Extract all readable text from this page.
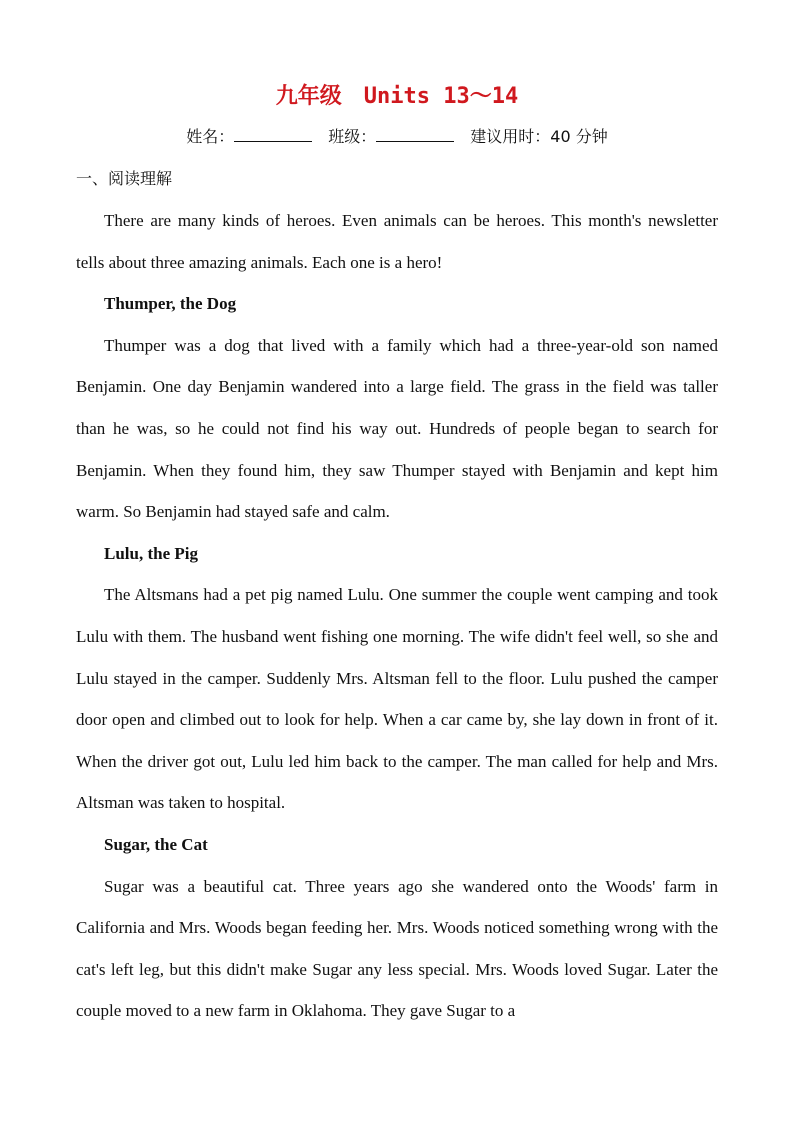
九年级 Units 13～14
姓名：	班级：	建议用时：40 分钟
一、阅读理解

There are many kinds of heroes. Even animals can be heroes. This month's newsletter tells about three amazing animals. Each one is a hero!

Thumper, the Dog

Thumper was a dog that lived with a family which had a three-year-old son named Benjamin. One day Benjamin wandered into a large field. The grass in the field was taller than he was, so he could not find his way out. Hundreds of people began to search for Benjamin. When they found him, they saw Thumper stayed with Benjamin and kept him warm. So Benjamin had stayed safe and calm.

Lulu, the Pig

The Altsmans had a pet pig named Lulu. One summer the couple went camping and took Lulu with them. The husband went fishing one morning. The wife didn't feel well, so she and Lulu stayed in the camper. Suddenly Mrs. Altsman fell to the floor. Lulu pushed the camper door open and climbed out to look for help. When a car came by, she lay down in front of it. When the driver got out, Lulu led him back to the camper. The man called for help and Mrs. Altsman was taken to hospital.

Sugar, the Cat

Sugar was a beautiful cat. Three years ago she wandered onto the Woods' farm in California and Mrs. Woods began feeding her. Mrs. Woods noticed something wrong with the cat's left leg, but this didn't make Sugar any less special. Mrs. Woods loved Sugar. Later the couple moved to a new farm in Oklahoma. They gave Sugar to a
